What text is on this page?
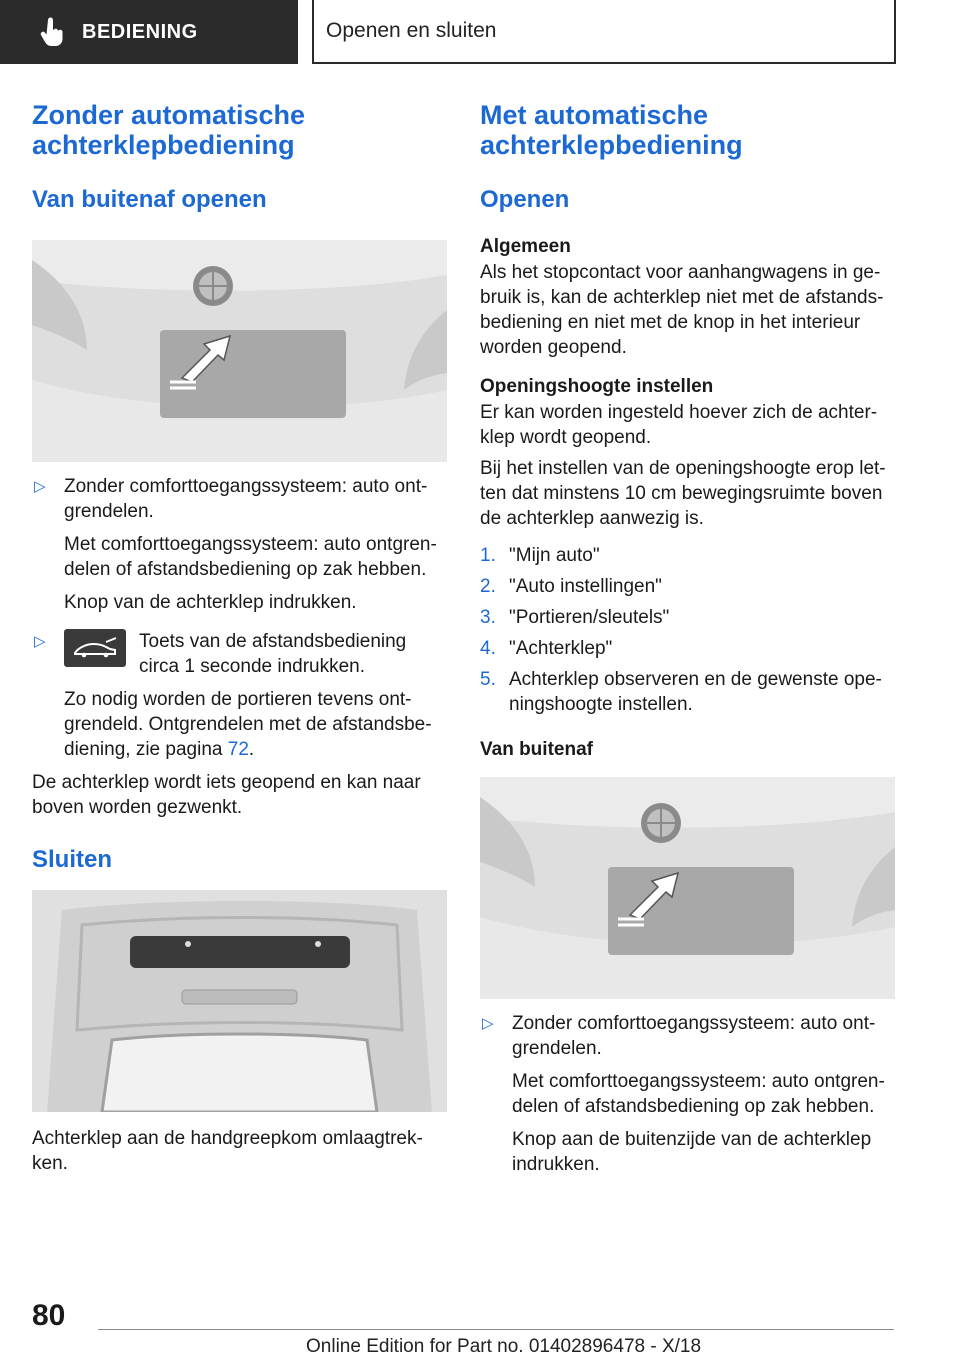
BEDIENING	Openen en sluiten
Zonder automatische achterklepbediening
Van buitenaf openen
▷ Zonder comforttoegangssysteem: auto ontgrendelen.

Met comforttoegangssysteem: auto ontgrendelen of afstandsbediening op zak hebben.

Knop van de achterklep indrukken.

▷	Toets van de afstandsbediening circa 1 seconde indrukken.

Zo nodig worden de portieren tevens ontgrendeld. Ontgrendelen met de afstandsbediening, zie pagina 72.

De achterklep wordt iets geopend en kan naar boven worden gezwenkt.

Sluiten

Achterklep aan de handgreepkom omlaagtrekken.

Met automatische achterklepbediening
Openen
Algemeen

Als het stopcontact voor aanhangwagens in gebruik is, kan de achterklep niet met de afstandsbediening en niet met de knop in het interieur worden geopend.

Openingshoogte instellen

Er kan worden ingesteld hoever zich de achterklep wordt geopend.

Bij het instellen van de openingshoogte erop letten dat minstens 10 cm bewegingsruimte boven de achterklep aanwezig is.

1. "Mijn auto"
2. "Auto instellingen"
3. "Portieren/sleutels"
4. "Achterklep"
5. Achterklep observeren en de gewenste openingshoogte instellen.
Van buitenaf
▷ Zonder comforttoegangssysteem: auto ontgrendelen.

Met comforttoegangssysteem: auto ontgrendelen of afstandsbediening op zak hebben.

Knop aan de buitenzijde van de achterklep indrukken.

80
Online Edition for Part no. 01402896478 - X/18
